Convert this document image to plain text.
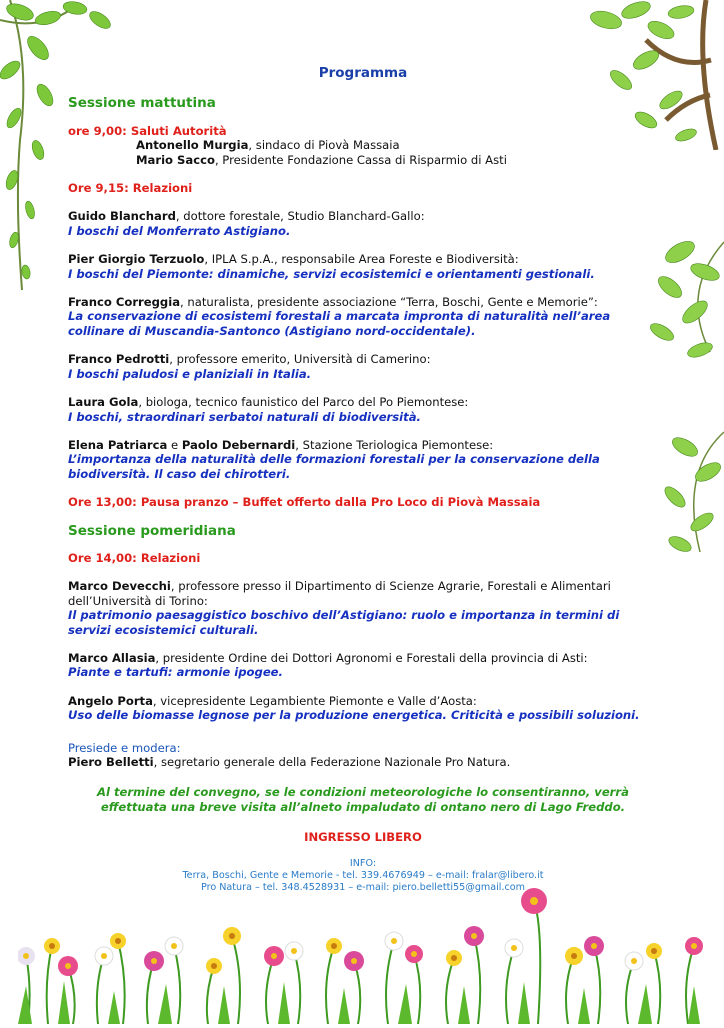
Programma
Sessione mattutina
ore 9,00: Saluti Autorità
Antonello Murgia, sindaco di Piovà Massaia
Mario Sacco, Presidente Fondazione Cassa di Risparmio di Asti
Ore 9,15: Relazioni
Guido Blanchard, dottore forestale, Studio Blanchard-Gallo:
I boschi del Monferrato Astigiano.
Pier Giorgio Terzuolo, IPLA S.p.A., responsabile Area Foreste e Biodiversità:
I boschi del Piemonte: dinamiche, servizi ecosistemici e orientamenti gestionali.
Franco Correggia, naturalista, presidente associazione “Terra, Boschi, Gente e Memorie”:
La conservazione di ecosistemi forestali a marcata impronta di naturalità nell’area collinare di Muscandia-Santonco (Astigiano nord-occidentale).
Franco Pedrotti, professore emerito, Università di Camerino:
I boschi paludosi e planiziali in Italia.
Laura Gola, biologa, tecnico faunistico del Parco del Po Piemontese:
I boschi, straordinari serbatoi naturali di biodiversità.
Elena Patriarca e Paolo Debernardi, Stazione Teriologica Piemontese:
L’importanza della naturalità delle formazioni forestali per la conservazione della biodiversità. Il caso dei chirotteri.
Ore 13,00: Pausa pranzo – Buffet offerto dalla Pro Loco di Piovà Massaia
Sessione pomeridiana
Ore 14,00: Relazioni
Marco Devecchi, professore presso il Dipartimento di Scienze Agrarie, Forestali e Alimentari dell’Università di Torino:
Il patrimonio paesaggistico boschivo dell’Astigiano: ruolo e importanza in termini di servizi ecosistemici culturali.
Marco Allasia, presidente Ordine dei Dottori Agronomi e Forestali della provincia di Asti:
Piante e tartufi: armonie ipogee.
Angelo Porta, vicepresidente Legambiente Piemonte e Valle d’Aosta:
Uso delle biomasse legnose per la produzione energetica. Criticità e possibili soluzioni.
Presiede e modera:
Piero Belletti, segretario generale della Federazione Nazionale Pro Natura.
Al termine del convegno, se le condizioni meteorologiche lo consentiranno, verrà effettuata una breve visita all’alneto impaludato di ontano nero di Lago Freddo.
INGRESSO LIBERO
INFO:
Terra, Boschi, Gente e Memorie - tel. 339.4676949 – e-mail: fralar@libero.it
Pro Natura – tel. 348.4528931 – e-mail: piero.belletti55@gmail.com
